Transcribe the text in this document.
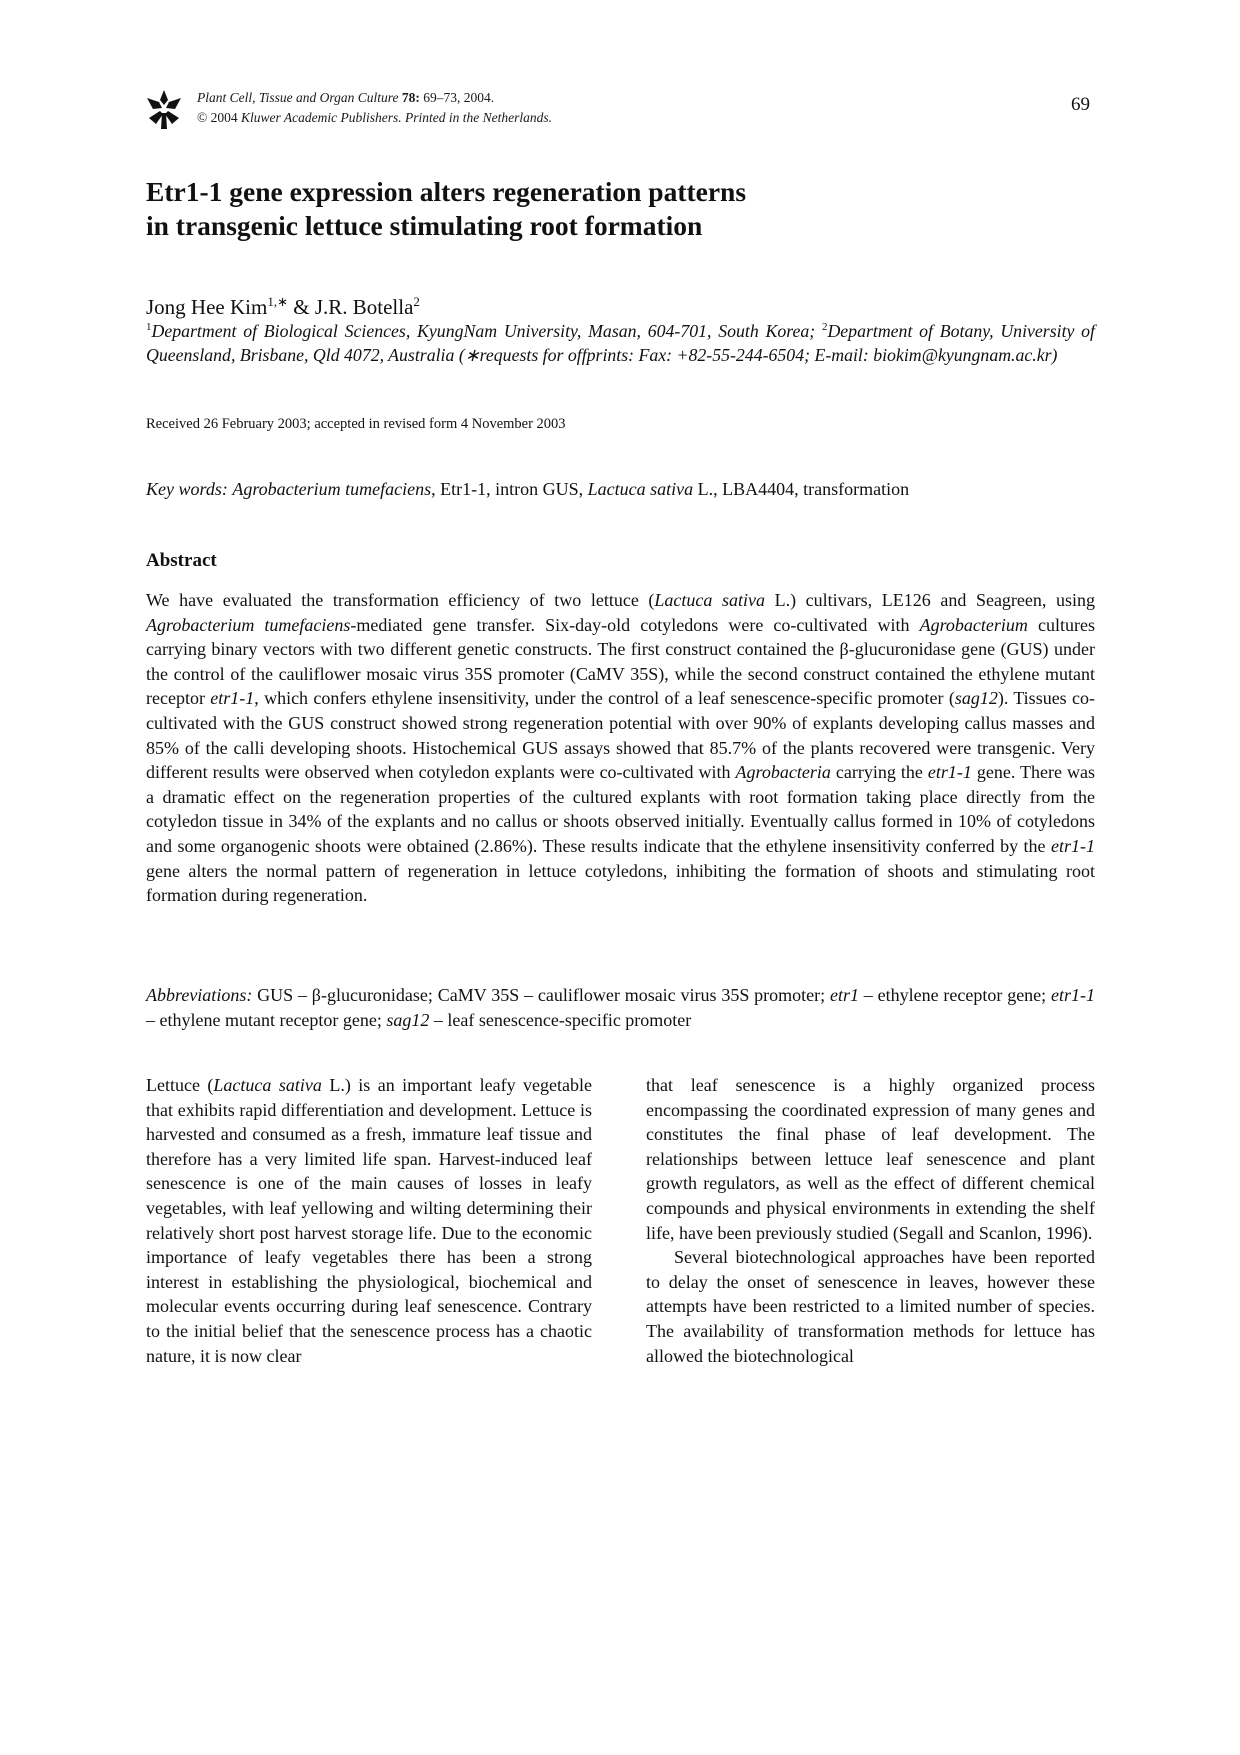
Plant Cell, Tissue and Organ Culture 78: 69–73, 2004.
© 2004 Kluwer Academic Publishers. Printed in the Netherlands.
69
Etr1-1 gene expression alters regeneration patterns
in transgenic lettuce stimulating root formation
Jong Hee Kim$^{1,∗}$ & J.R. Botella$^2$
$^1$Department of Biological Sciences, KyungNam University, Masan, 604-701, South Korea; $^2$Department of Botany, University of Queensland, Brisbane, Qld 4072, Australia (∗requests for offprints: Fax: +82-55-244-6504; E-mail: biokim@kyungnam.ac.kr)
Received 26 February 2003; accepted in revised form 4 November 2003
Key words: Agrobacterium tumefaciens, Etr1-1, intron GUS, Lactuca sativa L., LBA4404, transformation
Abstract

We have evaluated the transformation efficiency of two lettuce (Lactuca sativa L.) cultivars, LE126 and Seagreen, using Agrobacterium tumefaciens-mediated gene transfer. Six-day-old cotyledons were co-cultivated with Agrobacterium cultures carrying binary vectors with two different genetic constructs. The first construct contained the β-glucuronidase gene (GUS) under the control of the cauliflower mosaic virus 35S promoter (CaMV 35S), while the second construct contained the ethylene mutant receptor etr1-1, which confers ethylene insensitivity, under the control of a leaf senescence-specific promoter (sag12). Tissues co-cultivated with the GUS construct showed strong regeneration potential with over 90% of explants developing callus masses and 85% of the calli developing shoots. Histochemical GUS assays showed that 85.7% of the plants recovered were transgenic. Very different results were observed when cotyledon explants were co-cultivated with Agrobacteria carrying the etr1-1 gene. There was a dramatic effect on the regeneration properties of the cultured explants with root formation taking place directly from the cotyledon tissue in 34% of the explants and no callus or shoots observed initially. Eventually callus formed in 10% of cotyledons and some organogenic shoots were obtained (2.86%). These results indicate that the ethylene insensitivity conferred by the etr1-1 gene alters the normal pattern of regeneration in lettuce cotyledons, inhibiting the formation of shoots and stimulating root formation during regeneration.

Abbreviations: GUS – β-glucuronidase; CaMV 35S – cauliflower mosaic virus 35S promoter; etr1 – ethylene receptor gene; etr1-1 – ethylene mutant receptor gene; sag12 – leaf senescence-specific promoter

Lettuce (Lactuca sativa L.) is an important leafy vegetable that exhibits rapid differentiation and development. Lettuce is harvested and consumed as a fresh, immature leaf tissue and therefore has a very limited life span. Harvest-induced leaf senescence is one of the main causes of losses in leafy vegetables, with leaf yellowing and wilting determining their relatively short post harvest storage life. Due to the economic importance of leafy vegetables there has been a strong interest in establishing the physiological, biochemical and molecular events occurring during leaf senescence. Contrary to the initial belief that the senescence process has a chaotic nature, it is now clear

that leaf senescence is a highly organized process encompassing the coordinated expression of many genes and constitutes the final phase of leaf development. The relationships between lettuce leaf senescence and plant growth regulators, as well as the effect of different chemical compounds and physical environments in extending the shelf life, have been previously studied (Segall and Scanlon, 1996).

Several biotechnological approaches have been reported to delay the onset of senescence in leaves, however these attempts have been restricted to a limited number of species. The availability of transformation methods for lettuce has allowed the biotechnological
